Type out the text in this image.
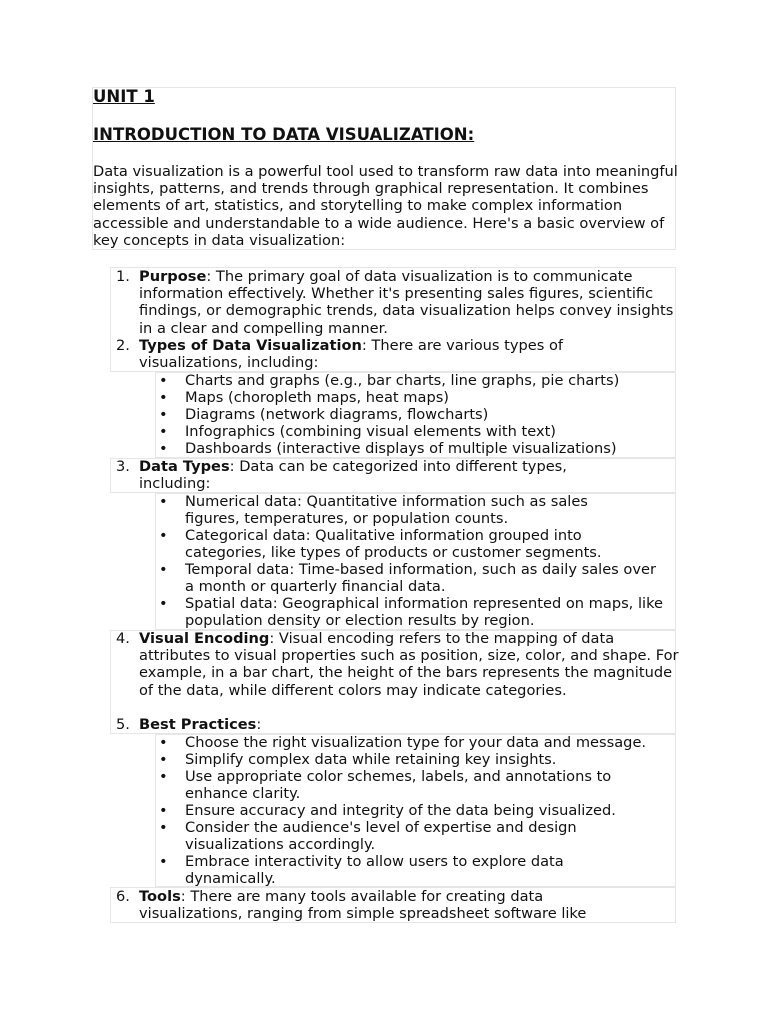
UNIT 1
INTRODUCTION TO DATA VISUALIZATION:

Data visualization is a powerful tool used to transform raw data into meaningful insights, patterns, and trends through graphical representation. It combines elements of art, statistics, and storytelling to make complex information accessible and understandable to a wide audience. Here's a basic overview of key concepts in data visualization:

1. Purpose: The primary goal of data visualization is to communicate information effectively. Whether it's presenting sales figures, scientific findings, or demographic trends, data visualization helps convey insights in a clear and compelling manner.

2. Types of Data Visualization: There are various types of visualizations, including:

• Charts and graphs (e.g., bar charts, line graphs, pie charts)

• Maps (choropleth maps, heat maps)

• Diagrams (network diagrams, flowcharts)

• Infographics (combining visual elements with text)

• Dashboards (interactive displays of multiple visualizations)

3. Data Types: Data can be categorized into different types, including:

• Numerical data: Quantitative information such as sales figures, temperatures, or population counts.

• Categorical data: Qualitative information grouped into categories, like types of products or customer segments.

• Temporal data: Time-based information, such as daily sales over a month or quarterly financial data.

• Spatial data: Geographical information represented on maps, like population density or election results by region.

4. Visual Encoding: Visual encoding refers to the mapping of data attributes to visual properties such as position, size, color, and shape. For example, in a bar chart, the height of the bars represents the magnitude of the data, while different colors may indicate categories.

5. Best Practices:

• Choose the right visualization type for your data and message.

• Simplify complex data while retaining key insights.

• Use appropriate color schemes, labels, and annotations to enhance clarity.

• Ensure accuracy and integrity of the data being visualized.

• Consider the audience's level of expertise and design visualizations accordingly.

• Embrace interactivity to allow users to explore data dynamically.

6. Tools: There are many tools available for creating data visualizations, ranging from simple spreadsheet software like
